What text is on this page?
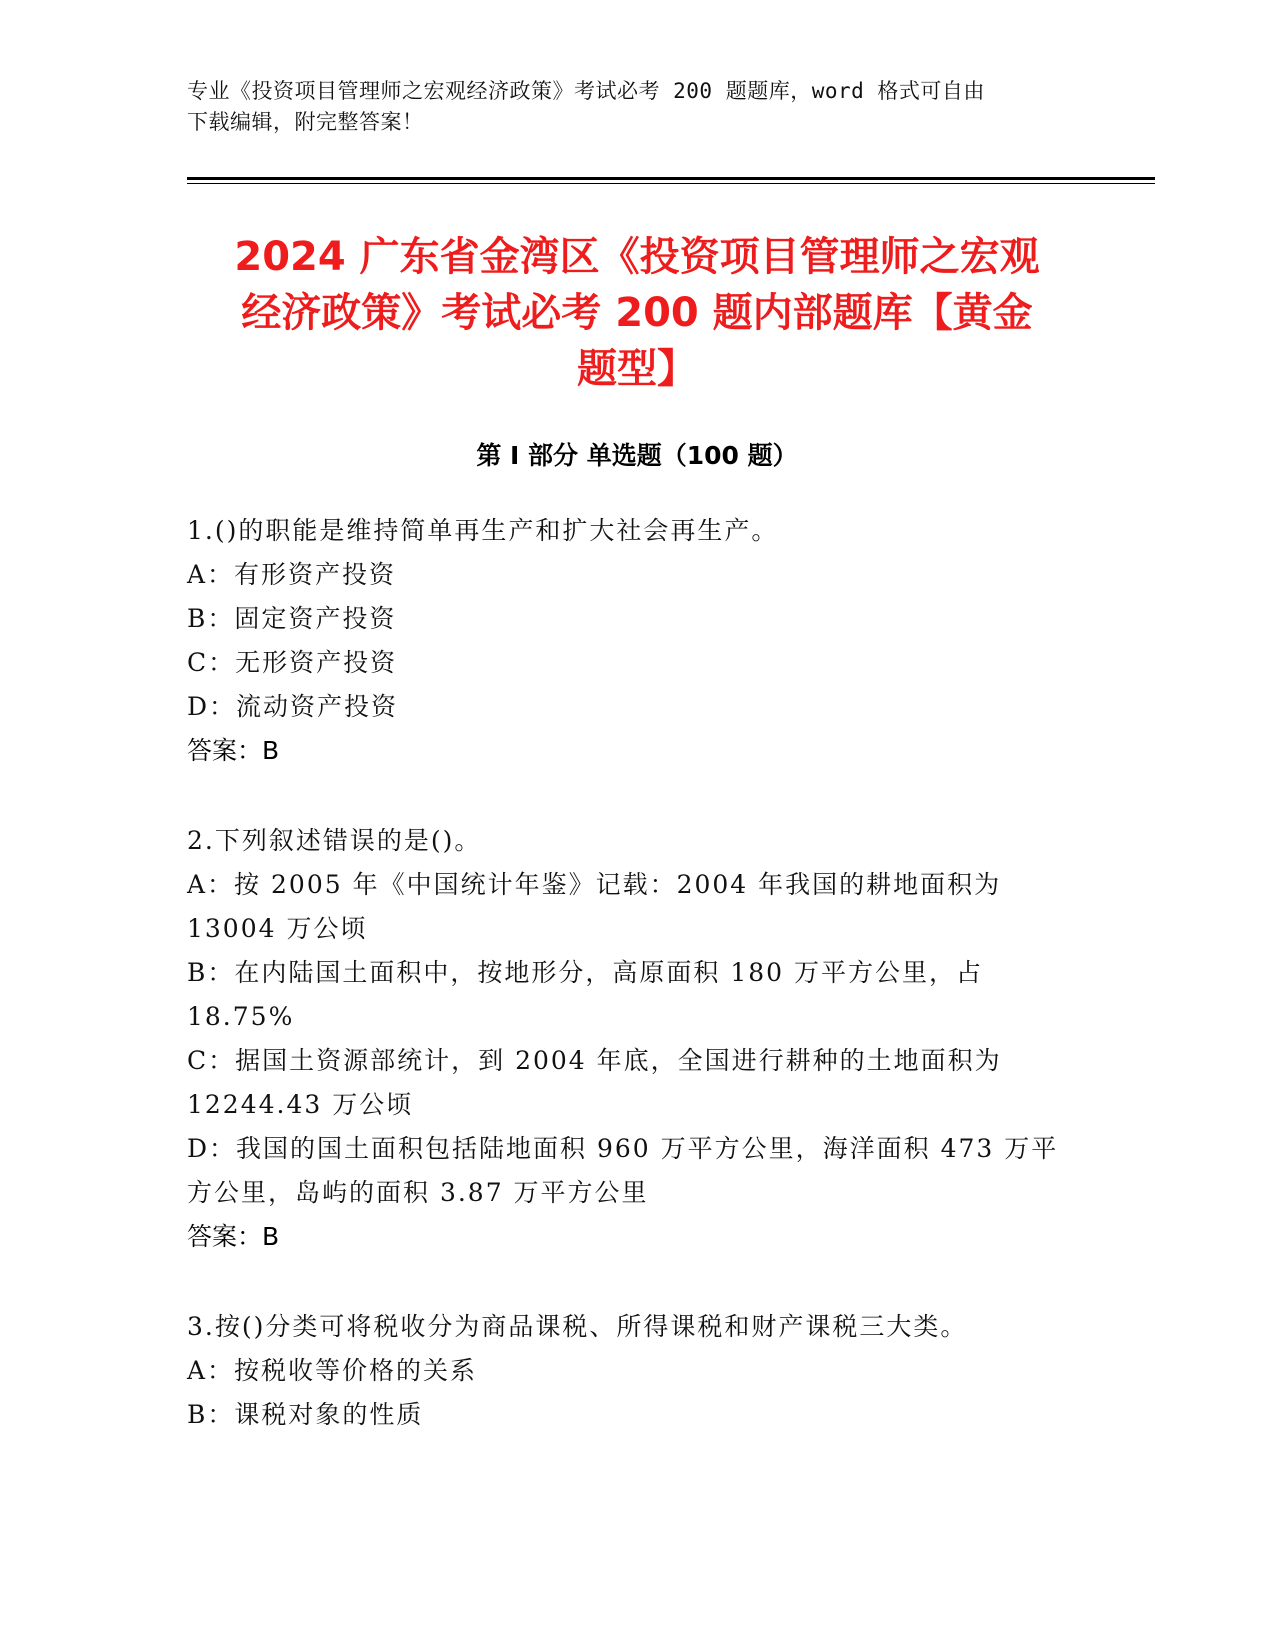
专业《投资项目管理师之宏观经济政策》考试必考 200 题题库，word 格式可自由
下载编辑，附完整答案！
2024 广东省金湾区《投资项目管理师之宏观
经济政策》考试必考 200 题内部题库【黄金
题型】
第 I 部分 单选题（100 题）
1.()的职能是维持简单再生产和扩大社会再生产。
A：有形资产投资
B：固定资产投资
C：无形资产投资
D：流动资产投资
答案：B
2.下列叙述错误的是()。
A：按 2005 年《中国统计年鉴》记载：2004 年我国的耕地面积为
13004 万公顷
B：在内陆国土面积中，按地形分，高原面积 180 万平方公里，占
18.75%
C：据国土资源部统计，到 2004 年底，全国进行耕种的土地面积为
12244.43 万公顷
D：我国的国土面积包括陆地面积 960 万平方公里，海洋面积 473 万平
方公里，岛屿的面积 3.87 万平方公里
答案：B
3.按()分类可将税收分为商品课税、所得课税和财产课税三大类。
A：按税收等价格的关系
B：课税对象的性质
